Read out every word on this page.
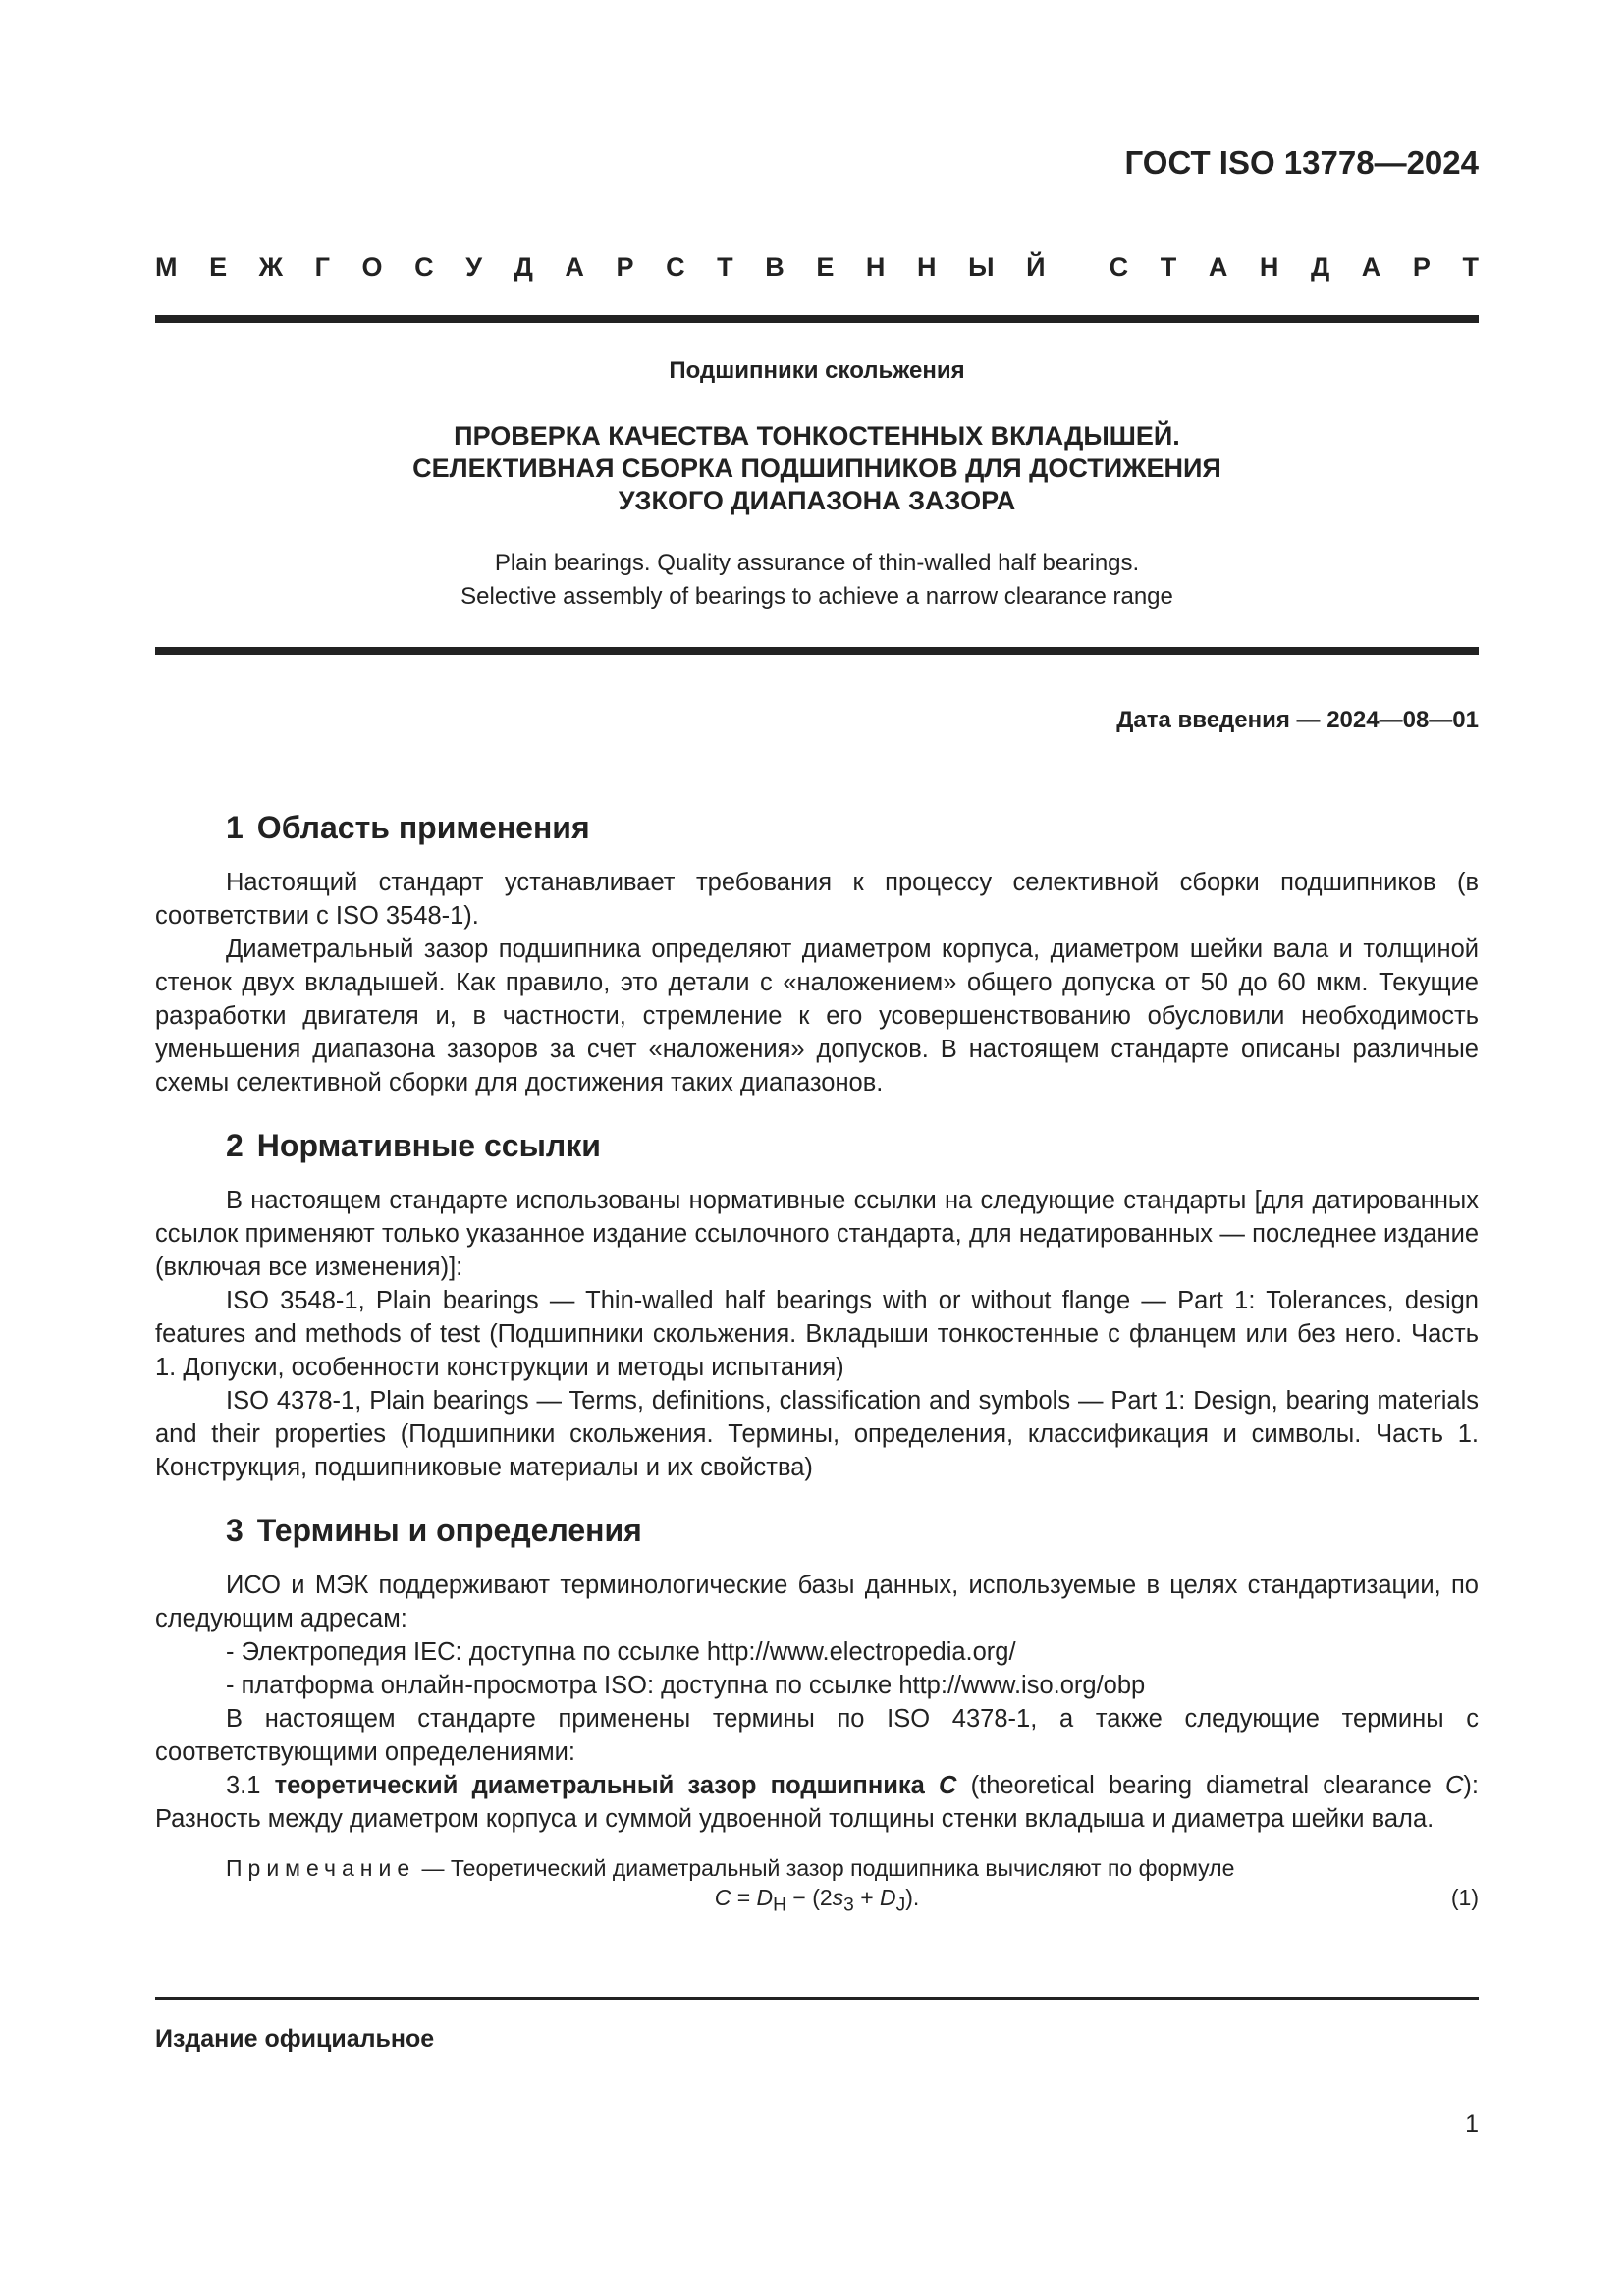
ГОСТ ISO 13778—2024
М Е Ж Г О С У Д А Р С Т В Е Н Н Ы Й С Т А Н Д А Р Т
Подшипники скольжения
ПРОВЕРКА КАЧЕСТВА ТОНКОСТЕННЫХ ВКЛАДЫШЕЙ.
СЕЛЕКТИВНАЯ СБОРКА ПОДШИПНИКОВ ДЛЯ ДОСТИЖЕНИЯ
УЗКОГО ДИАПАЗОНА ЗАЗОРА
Plain bearings. Quality assurance of thin-walled half bearings.
Selective assembly of bearings to achieve a narrow clearance range
Дата введения — 2024—08—01
1 Область применения

Настоящий стандарт устанавливает требования к процессу селективной сборки подшипников (в соответствии с ISO 3548-1).

Диаметральный зазор подшипника определяют диаметром корпуса, диаметром шейки вала и толщиной стенок двух вкладышей. Как правило, это детали с «наложением» общего допуска от 50 до 60 мкм. Текущие разработки двигателя и, в частности, стремление к его усовершенствованию обусловили необходимость уменьшения диапазона зазоров за счет «наложения» допусков. В настоящем стандарте описаны различные схемы селективной сборки для достижения таких диапазонов.

2 Нормативные ссылки

В настоящем стандарте использованы нормативные ссылки на следующие стандарты [для датированных ссылок применяют только указанное издание ссылочного стандарта, для недатированных — последнее издание (включая все изменения)]:

ISO 3548-1, Plain bearings — Thin-walled half bearings with or without flange — Part 1: Tolerances, design features and methods of test (Подшипники скольжения. Вкладыши тонкостенные с фланцем или без него. Часть 1. Допуски, особенности конструкции и методы испытания)

ISO 4378-1, Plain bearings — Terms, definitions, classification and symbols — Part 1: Design, bearing materials and their properties (Подшипники скольжения. Термины, определения, классификация и символы. Часть 1. Конструкция, подшипниковые материалы и их свойства)

3 Термины и определения

ИСО и МЭК поддерживают терминологические базы данных, используемые в целях стандартизации, по следующим адресам:

- Электропедия IEC: доступна по ссылке http://www.electropedia.org/

- платформа онлайн-просмотра ISO: доступна по ссылке http://www.iso.org/obp

В настоящем стандарте применены термины по ISO 4378-1, а также следующие термины с соответствующими определениями:

3.1 теоретический диаметральный зазор подшипника C (theoretical bearing diametral clearance C): Разность между диаметром корпуса и суммой удвоенной толщины стенки вкладыша и диаметра шейки вала.

Примечание — Теоретический диаметральный зазор подшипника вычисляют по формуле
$C = D_Н - (2s_3 + D_J)$.	(1)
Издание официальное
1
